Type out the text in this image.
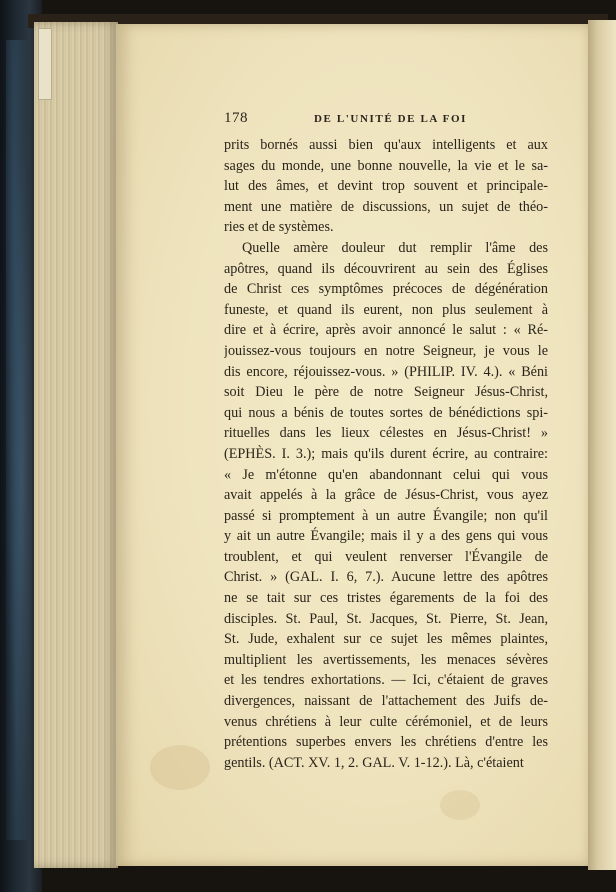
178	DE L'UNITÉ DE LA FOI
prits bornés aussi bien qu'aux intelligents et aux
sages du monde, une bonne nouvelle, la vie et le sa-
lut des âmes, et devint trop souvent et principale-
ment une matière de discussions, un sujet de théo-
ries et de systèmes.
Quelle amère douleur dut remplir l'âme des
apôtres, quand ils découvrirent au sein des Églises
de Christ ces symptômes précoces de dégénération
funeste, et quand ils eurent, non plus seulement à
dire et à écrire, après avoir annoncé le salut : « Ré-
jouissez-vous toujours en notre Seigneur, je vous le
dis encore, réjouissez-vous. » (PHILIP. IV. 4.). « Béni
soit Dieu le père de notre Seigneur Jésus-Christ,
qui nous a bénis de toutes sortes de bénédictions spi-
rituelles dans les lieux célestes en Jésus-Christ! »
(EPHÈS. I. 3.); mais qu'ils durent écrire, au contraire:
« Je m'étonne qu'en abandonnant celui qui vous
avait appelés à la grâce de Jésus-Christ, vous ayez
passé si promptement à un autre Évangile; non qu'il
y ait un autre Évangile; mais il y a des gens qui vous
troublent, et qui veulent renverser l'Évangile de
Christ. » (GAL. I. 6, 7.). Aucune lettre des apôtres
ne se tait sur ces tristes égarements de la foi des
disciples. St. Paul, St. Jacques, St. Pierre, St. Jean,
St. Jude, exhalent sur ce sujet les mêmes plaintes,
multiplient les avertissements, les menaces sévères
et les tendres exhortations. — Ici, c'étaient de graves
divergences, naissant de l'attachement des Juifs de-
venus chrétiens à leur culte cérémoniel, et de leurs
prétentions superbes envers les chrétiens d'entre les
gentils. (ACT. XV. 1, 2. GAL. V. 1-12.). Là, c'étaient
